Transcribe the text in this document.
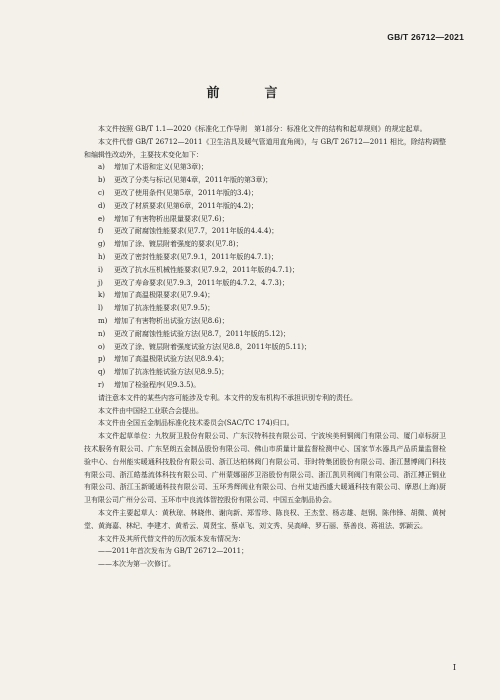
GB/T 26712—2021
前　言

本文件按照 GB/T 1.1—2020《标准化工作导则　第1部分：标准化文件的结构和起草规则》的规定起草。

本文件代替 GB/T 26712—2011《卫生洁具及暖气管道用直角阀》，与 GB/T 26712—2011 相比，除结构调整和编辑性改动外，主要技术变化如下：

a) 增加了术语和定义(见第3章)；
b) 更改了分类与标记(见第4章，2011年版的第3章)；
c) 更改了使用条件(见第5章，2011年版的3.4)；
d) 更改了材质要求(见第6章，2011年版的4.2)；
e) 增加了有害物析出限量要求(见7.6)；
f) 更改了耐腐蚀性能要求(见7.7，2011年版的4.4.4)；
g) 增加了涂、镀层附着强度的要求(见7.8)；
h) 更改了密封性能要求(见7.9.1，2011年版的4.7.1)；
i) 更改了抗水压机械性能要求(见7.9.2，2011年版的4.7.1)；
j) 更改了寿命要求(见7.9.3，2011年版的4.7.2、4.7.3)；
k) 增加了高温极限要求(见7.9.4)；
l) 增加了抗冻性能要求(见7.9.5)；
m) 增加了有害物析出试验方法(见8.6)；
n) 更改了耐腐蚀性能试验方法(见8.7，2011年版的5.12)；
o) 更改了涂、镀层附着强度试验方法(见8.8，2011年版的5.11)；
p) 增加了高温极限试验方法(见8.9.4)；
q) 增加了抗冻性能试验方法(见8.9.5)；
r) 增加了检验程序(见9.3.5)。

请注意本文件的某些内容可能涉及专利。本文件的发布机构不承担识别专利的责任。

本文件由中国轻工业联合会提出。

本文件由全国五金制品标准化技术委员会(SAC/TC 174)归口。

本文件起草单位：九牧厨卫股份有限公司、广东汉特科技有限公司、宁波埃美柯铜阀门有限公司、厦门卓标厨卫技术服务有限公司、广东坚朗五金制品股份有限公司、佛山市质量计量监督检测中心、国家节水器具产品质量监督检验中心、台州能实暖通科技股份有限公司、浙江达柏林阀门有限公司、菲时特集团股份有限公司、浙江慧博阀门科技有限公司、浙江皓基流体科技有限公司、广州蒙娜丽莎卫浴股份有限公司、浙江凯贝利阀门有限公司、浙江搏正铜业有限公司、浙江玉新暖通科技有限公司、玉环秀辉阀业有限公司、台州艾迪西盛大暖通科技有限公司、摩恩(上海)厨卫有限公司广州分公司、玉环市中良流体智控股份有限公司、中国五金制品协会。

本文件主要起草人：黄秋琼、林晓伟、谢向新、郑雪珍、陈良权、王杰堂、杨志雄、赵钢、陈伟锋、胡微、黄树堂、黄海嘉、林纪、李建才、黄希云、周贤宝、蔡卓飞、刘文秀、吴高峰、罗石丽、蔡善良、蒋祖法、郭颖云。

本文件及其所代替文件的历次版本发布情况为：

——2011年首次发布为 GB/T 26712—2011；

——本次为第一次修订。

I
